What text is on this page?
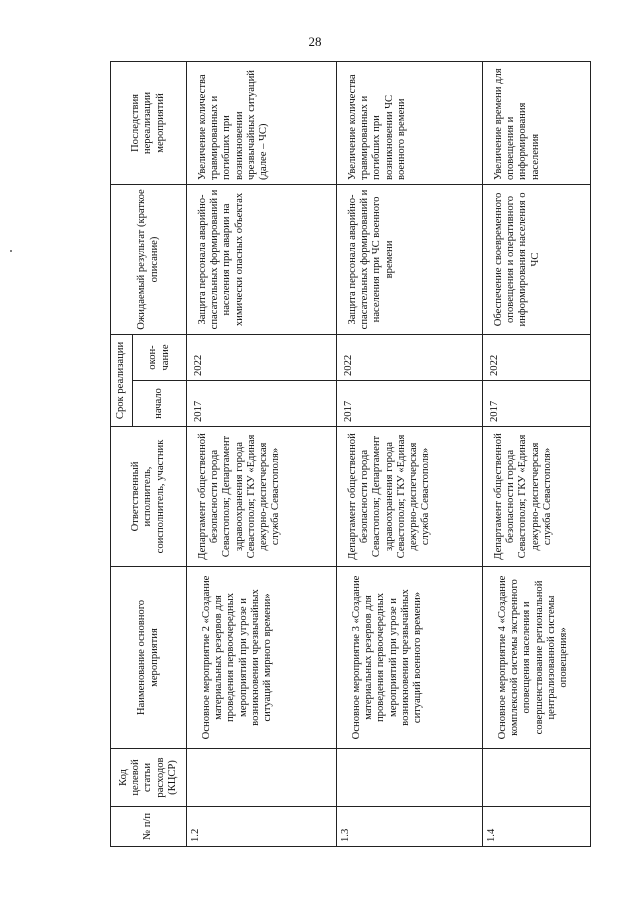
28
№ п/п	Код целевой статьи расходов (КЦСР)	Наименование основного мероприятия	Ответственный исполнитель, соисполнитель, участник	Срок реализации		Ожидаемый результат (краткое описание)	Последствия нереализации мероприятий
				начало	окон-чание		
1.2		Основное мероприятие 2 «Создание материальных резервов для проведения первоочередных мероприятий при угрозе и возникновении чрезвычайных ситуаций мирного времени»	Департамент общественной безопасности города Севастополя; Департамент здравоохранения города Севастополя; ГКУ «Единая дежурно-диспетчерская служба Севастополя»	2017	2022	Защита персонала аварийно-спасательных формирований и населения при аварии на химически опасных объектах	Увеличение количества травмированных и погибших при возникновении чрезвычайных ситуаций (далее – ЧС)
1.3		Основное мероприятие 3 «Создание материальных резервов для проведения первоочередных мероприятий при угрозе и возникновении чрезвычайных ситуаций военного времени»	Департамент общественной безопасности города Севастополя; Департамент здравоохранения города Севастополя; ГКУ «Единая дежурно-диспетчерская служба Севастополя»	2017	2022	Защита персонала аварийно-спасательных формирований и населения при ЧС военного времени	Увеличение количества травмированных и погибших при возникновении ЧС военного времени
1.4		Основное мероприятие 4 «Создание комплексной системы экстренного оповещения населения и совершенствование региональной централизованной системы оповещения»	Департамент общественной безопасности города Севастополя; ГКУ «Единая дежурно-диспетчерская служба Севастополя»	2017	2022	Обеспечение своевременного оповещения и оперативного информирования населения о ЧС	Увеличение времени для оповещения и информирования населения
